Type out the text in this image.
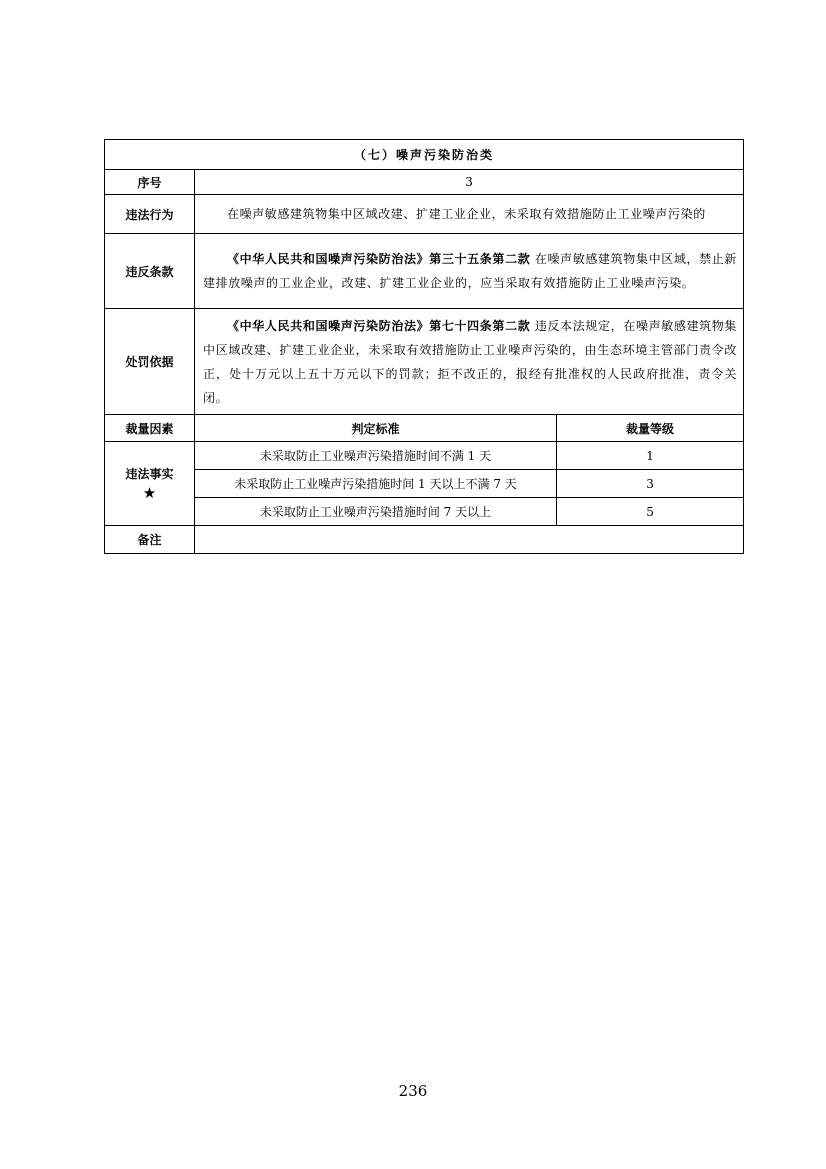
（七）噪声污染防治类		
序号	3	
违法行为	在噪声敏感建筑物集中区域改建、扩建工业企业，未采取有效措施防止工业噪声污染的	
违反条款	《中华人民共和国噪声污染防治法》第三十五条第二款 在噪声敏感建筑物集中区域，禁止新建排放噪声的工业企业，改建、扩建工业企业的，应当采取有效措施防止工业噪声污染。	
处罚依据	《中华人民共和国噪声污染防治法》第七十四条第二款 违反本法规定，在噪声敏感建筑物集中区域改建、扩建工业企业，未采取有效措施防止工业噪声污染的，由生态环境主管部门责令改正，处十万元以上五十万元以下的罚款；拒不改正的，报经有批准权的人民政府批准，责令关闭。	
裁量因素	判定标准	裁量等级
违法事实
★	未采取防止工业噪声污染措施时间不满 1 天	1
	未采取防止工业噪声污染措施时间 1 天以上不满 7 天	3
	未采取防止工业噪声污染措施时间 7 天以上	5
备注		
236
